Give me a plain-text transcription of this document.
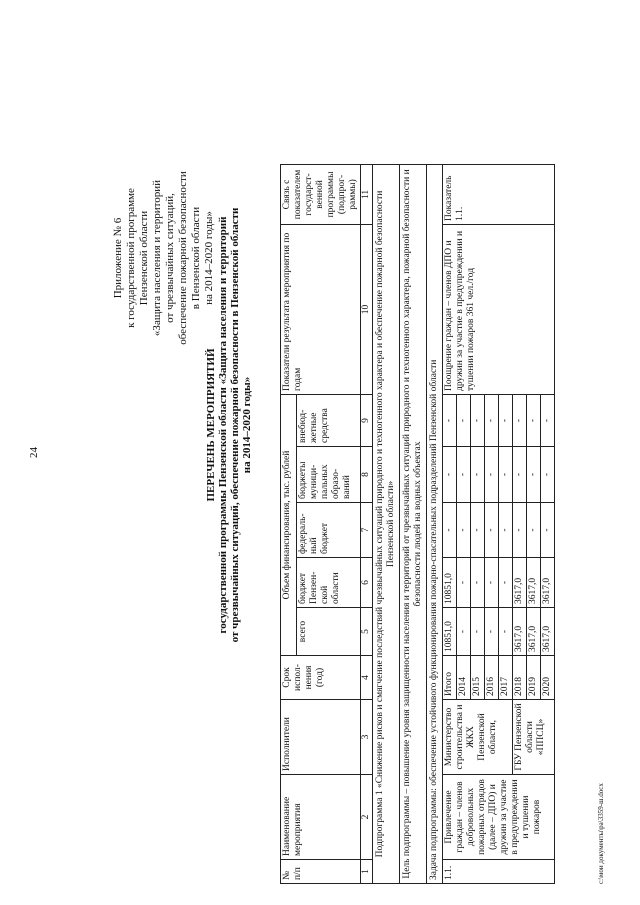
24
Приложение № 6 к государственной программе Пензенской области «Защита населения и территорий от чрезвычайных ситуаций, обеспечение пожарной безопасности в Пензенской области на 2014–2020 годы»
ПЕРЕЧЕНЬ МЕРОПРИЯТИЙ государственной программы Пензенской области «Защита населения и территорий от чрезвычайных ситуаций, обеспечение пожарной безопасности в Пензенской области на 2014–2020 годы»
№ п/п	Наименование мероприятия	Исполнители	Срок испол-нения (год)	Объем финансирования, тыс. рублей					Показатели результата мероприятия по годам	Связь с показателем государст-венной программы (подпрог-раммы)	
				всего	бюджет Пензен-ской области	федераль-ный бюджет	бюджеты муници-пальных образо-ваний	внебюд-жетные средства			
1	2	3	4	5	6	7	8	9	10	11	
Подпрограмма 1 «Снижение рисков и смягчение последствий чрезвычайных ситуаций природного и техногенного характера и обеспечение пожарной безопасности Пензенской области»											
Цель подпрограммы – повышение уровня защищенности населения и территорий от чрезвычайных ситуаций природного и техногенного характера, пожарной безопасности и безопасности людей на водных объектах											
Задача подпрограммы: обеспечение устойчивого функционирования пожарно-спасательных подразделений Пензенской области											
1.1.	Привлечение граждан – членов добровольных пожарных отрядов (далее – ДПО) и дружин за участие в предупреждении и тушении пожаров	Министерство строительства и ЖКХ Пензенской области,	Итого	10851,0	10851,0	-	-	-	Поощрение граждан – членов ДПО и дружин за участие в предупреждении и тушении пожаров 361 чел./год	Показатель 1.1.	
			2014	-	-	-	-	-			
			2015	-	-	-	-	-			
			2016	-	-	-	-	-			
			2017	-	-	-	-	-			
		ГБУ Пензенской области «ППСЦ»	2018	3617,0	3617,0	-	-	-			
			2019	3617,0	3617,0	-	-	-			
			2020	3617,0	3617,0	-	-	-			
c:\мои документы\ра\3359-ш.docx
